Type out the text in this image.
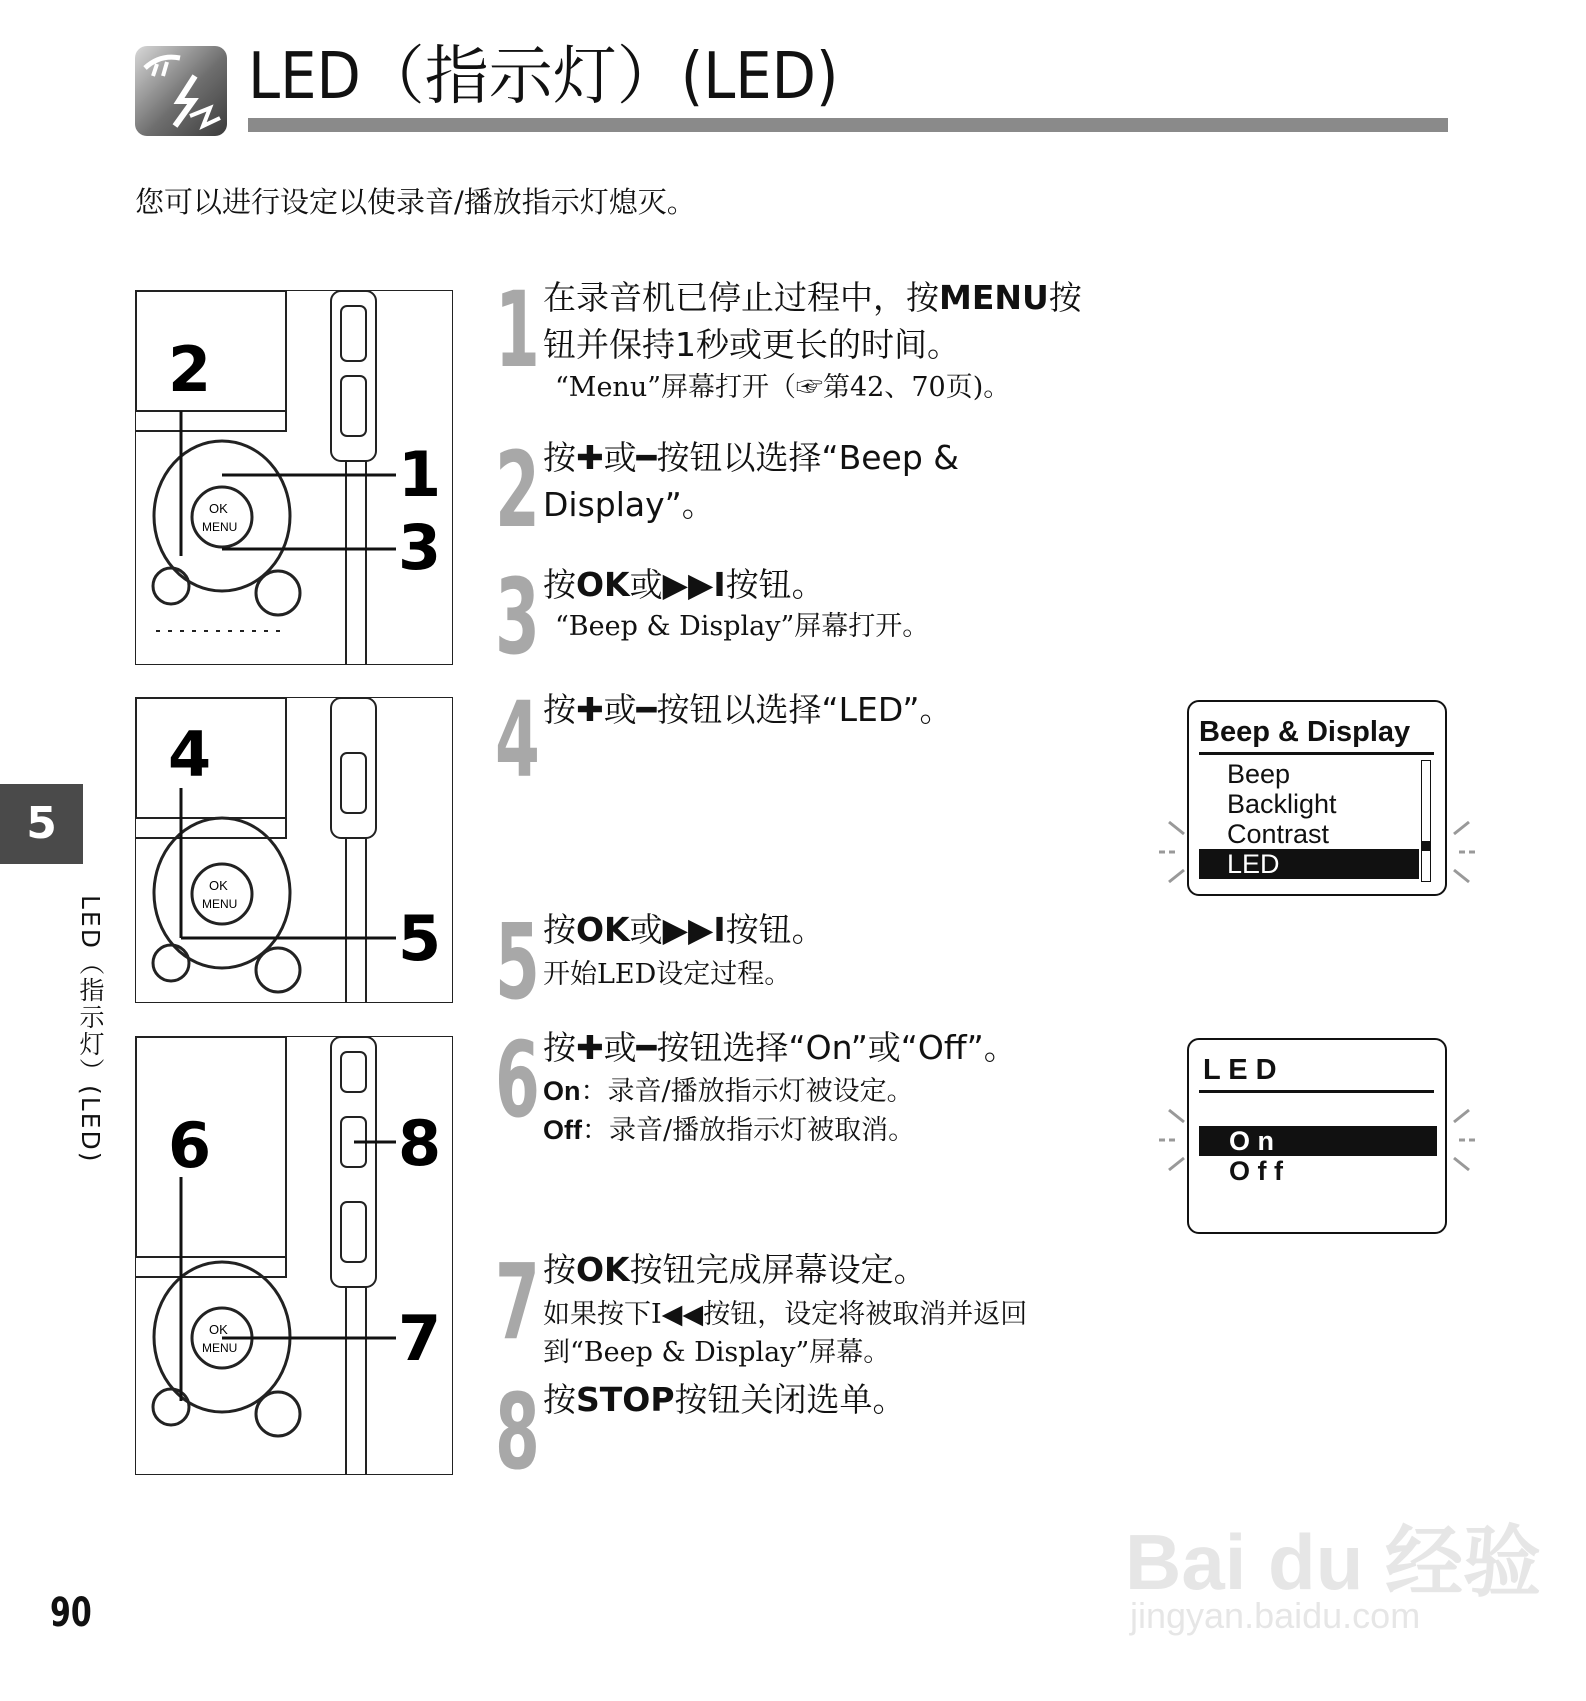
LED（指示灯）(LED)
您可以进行设定以使录音/播放指示灯熄灭。
5
LED（指示灯）(LED)
2
1
3
OK
MENU
4
5
OK
MENU
6	8
7
OK
MENU
1 在录音机已停止过程中，按MENU按
钮并保持1秒或更长的时间。
“Menu”屏幕打开（☞第42、70页)。
2 按✚或━按钮以选择“Beep &
Display”。
3 按OK或▶▶I按钮。
“Beep & Display”屏幕打开。
4 按✚或━按钮以选择“LED”。
5 按OK或▶▶I按钮。
开始LED设定过程。
6 按✚或━按钮选择“On”或“Off”。
On：录音/播放指示灯被设定。
Off：录音/播放指示灯被取消。
7 按OK按钮完成屏幕设定。
如果按下I◀◀按钮，设定将被取消并返回
到“Beep & Display”屏幕。
8 按STOP按钮关闭选单。
Beep & Display
Beep
Backlight
Contrast
LED
L E D
O n
O f f
90
Bai du 经验
jingyan.baidu.com
